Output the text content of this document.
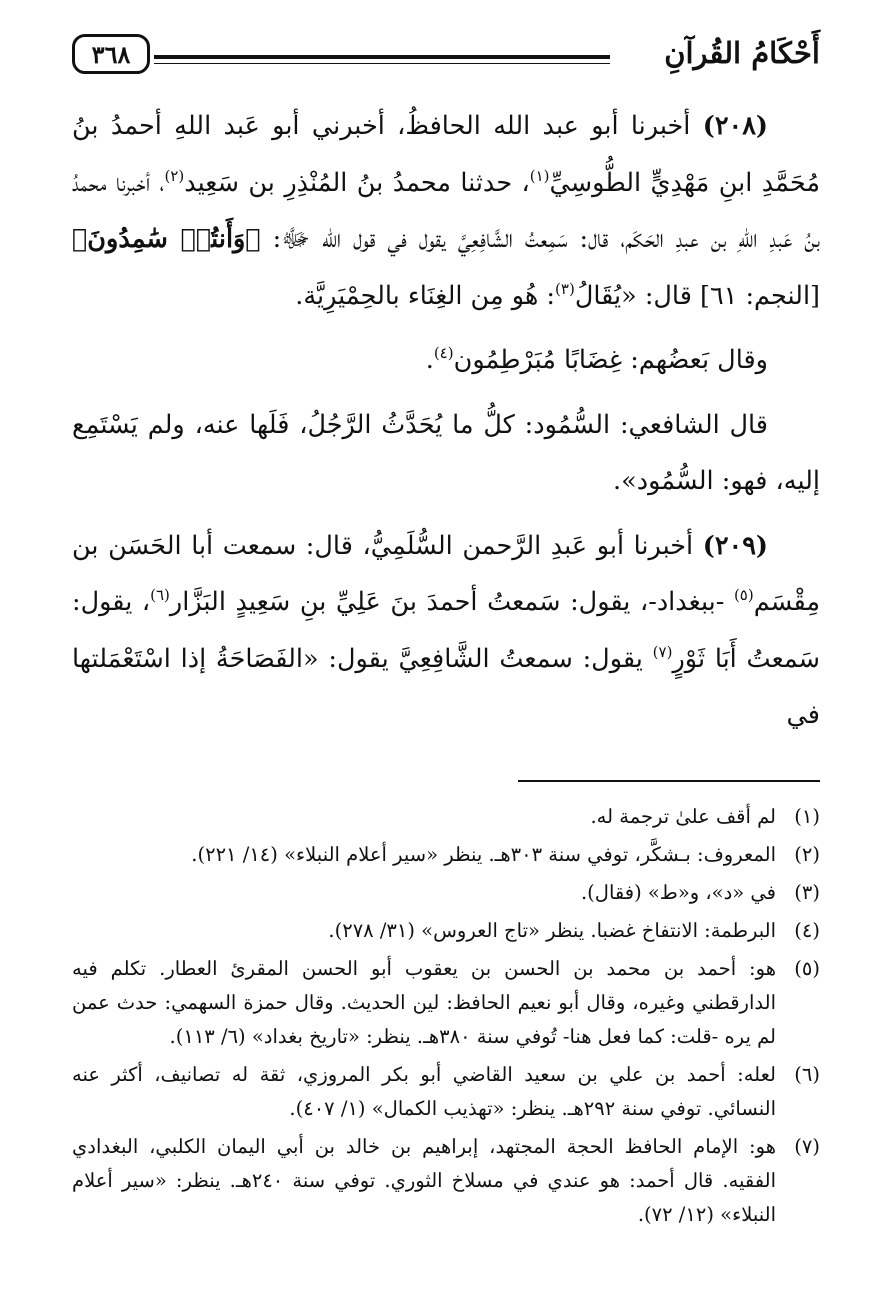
أَحْكَامُ القُرآنِ
٣٦٨

(٢٠٨) أخبرنا أبو عبد الله الحافظُ، أخبرني أبو عَبد اللهِ أحمدُ بنُ مُحَمَّدِ ابنِ مَهْدِيٍّ الطُّوسِيِّ$^{(١)}$، حدثنا محمدُ بنُ المُنْذِرِ بن سَعِيد$^{(٢)}$، أخبرنا محمدُ بنُ عَبدِ اللهِ بن عبدِ الحَكَم، قال: سَمِعتُ الشَّافِعِيَّ يقول في قول الله ﷻ: ﴿وَأَنتُمۡ سَٰمِدُونَ﴾ [النجم: ٦١] قال: «يُقَالُ$^{(٣)}$: هُو مِن الغِنَاء بالحِمْيَرِيَّة.

وقال بَعضُهم: غِضَابًا مُبَرْطِمُون$^{(٤)}$.

قال الشافعي: السُّمُود: كلُّ ما يُحَدَّثُ الرَّجُلُ، فَلَها عنه، ولم يَسْتَمِع إليه، فهو: السُّمُود».

(٢٠٩) أخبرنا أبو عَبدِ الرَّحمن السُّلَمِيُّ، قال: سمعت أبا الحَسَن بن مِقْسَم$^{(٥)}$ -ببغداد-، يقول: سَمعتُ أحمدَ بنَ عَلِيِّ بنِ سَعِيدٍ البَزَّار$^{(٦)}$، يقول: سَمعتُ أَبَا ثَوْرٍ$^{(٧)}$ يقول: سمعتُ الشَّافِعِيَّ يقول: «الفَصَاحَةُ إذا اسْتَعْمَلتها في

(١)
لم أقف علىٰ ترجمة له.
(٢)
المعروف: بـشكَّر، توفي سنة ٣٠٣هـ. ينظر «سير أعلام النبلاء» (١٤/ ٢٢١).
(٣)
في «د»، و«ط» (فقال).
(٤)
البرطمة: الانتفاخ غضبا. ينظر «تاج العروس» (٣١/ ٢٧٨).
(٥)
هو: أحمد بن محمد بن الحسن بن يعقوب أبو الحسن المقرئ العطار. تكلم فيه الدارقطني وغيره، وقال أبو نعيم الحافظ: لين الحديث. وقال حمزة السهمي: حدث عمن لم يره -قلت: كما فعل هنا- تُوفي سنة ٣٨٠هـ. ينظر: «تاريخ بغداد» (٦/ ١١٣).
(٦)
لعله: أحمد بن علي بن سعيد القاضي أبو بكر المروزي، ثقة له تصانيف، أكثر عنه النسائي. توفي سنة ٢٩٢هـ. ينظر: «تهذيب الكمال» (١/ ٤٠٧).
(٧)
هو: الإمام الحافظ الحجة المجتهد، إبراهيم بن خالد بن أبي اليمان الكلبي، البغدادي الفقيه. قال أحمد: هو عندي في مسلاخ الثوري. توفي سنة ٢٤٠هـ. ينظر: «سير أعلام النبلاء» (١٢/ ٧٢).
